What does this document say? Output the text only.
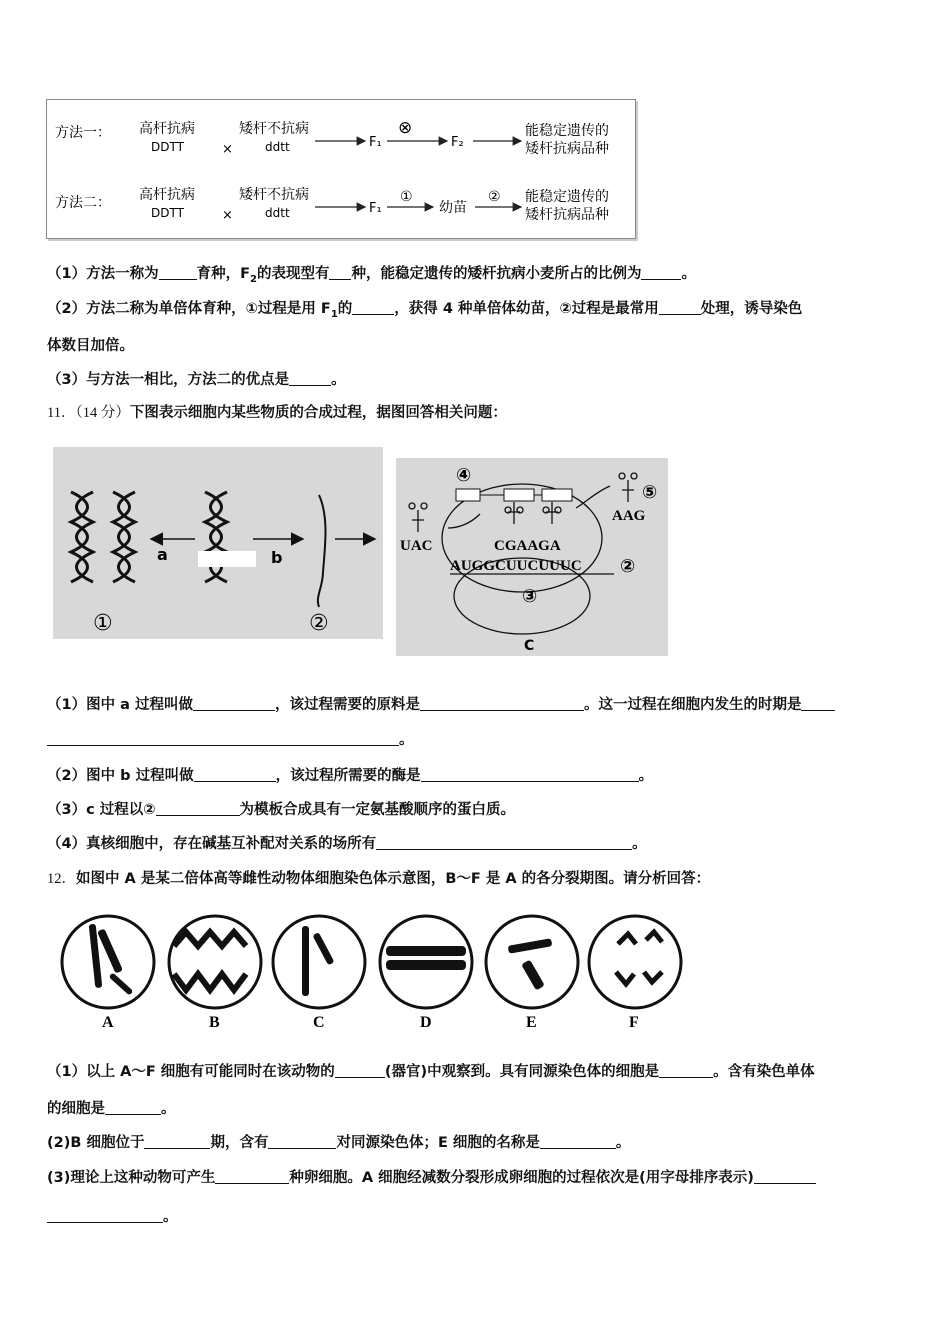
方法一： 高杆抗病
DDTT	×
矮杆不抗病
ddtt	F₁
⊗
F₂
能稳定遗传的
矮杆抗病品种
方法二： 高杆抗病
DDTT	×
矮杆不抗病
ddtt	F₁
①
幼苗
② 能稳定遗传的
矮杆抗病品种
（1）方法一称为	育种，$F_2$的表现型有 种，能稳定遗传的矮杆抗病小麦所占的比例为	。
（2）方法二称为单倍体育种，①过程是用 $F_1$的	，获得 4 种单倍体幼苗，②过程是最常用	处理，诱导染色
体数目加倍。
（3）与方法一相比，方法二的优点是	。
11．（14 分）下图表示细胞内某些物质的合成过程，据图回答相关问题：
a	b
①	②
④
⑤
UAC
AAG
CGAAGA
AUGGCUUCUUUC ②
③
C
（1）图中 a 过程叫做	，该过程需要的原料是	。这一过程在细胞内发生的时期是
。
（2）图中 b 过程叫做	，该过程所需要的酶是	。
（3）c 过程以②	为模板合成具有一定氨基酸顺序的蛋白质。
（4）真核细胞中，存在碱基互补配对关系的场所有	。
12．如图中 A 是某二倍体高等雌性动物体细胞染色体示意图，B～F 是 A 的各分裂期图。请分析回答：
A	B	C	D	E	F
（1）以上 A～F 细胞有可能同时在该动物的	(器官)中观察到。具有同源染色体的细胞是	。含有染色单体
的细胞是	。
(2)B 细胞位于	期，含有	对同源染色体；E 细胞的名称是	。
(3)理论上这种动物可产生	种卵细胞。A 细胞经减数分裂形成卵细胞的过程依次是(用字母排序表示)
。
